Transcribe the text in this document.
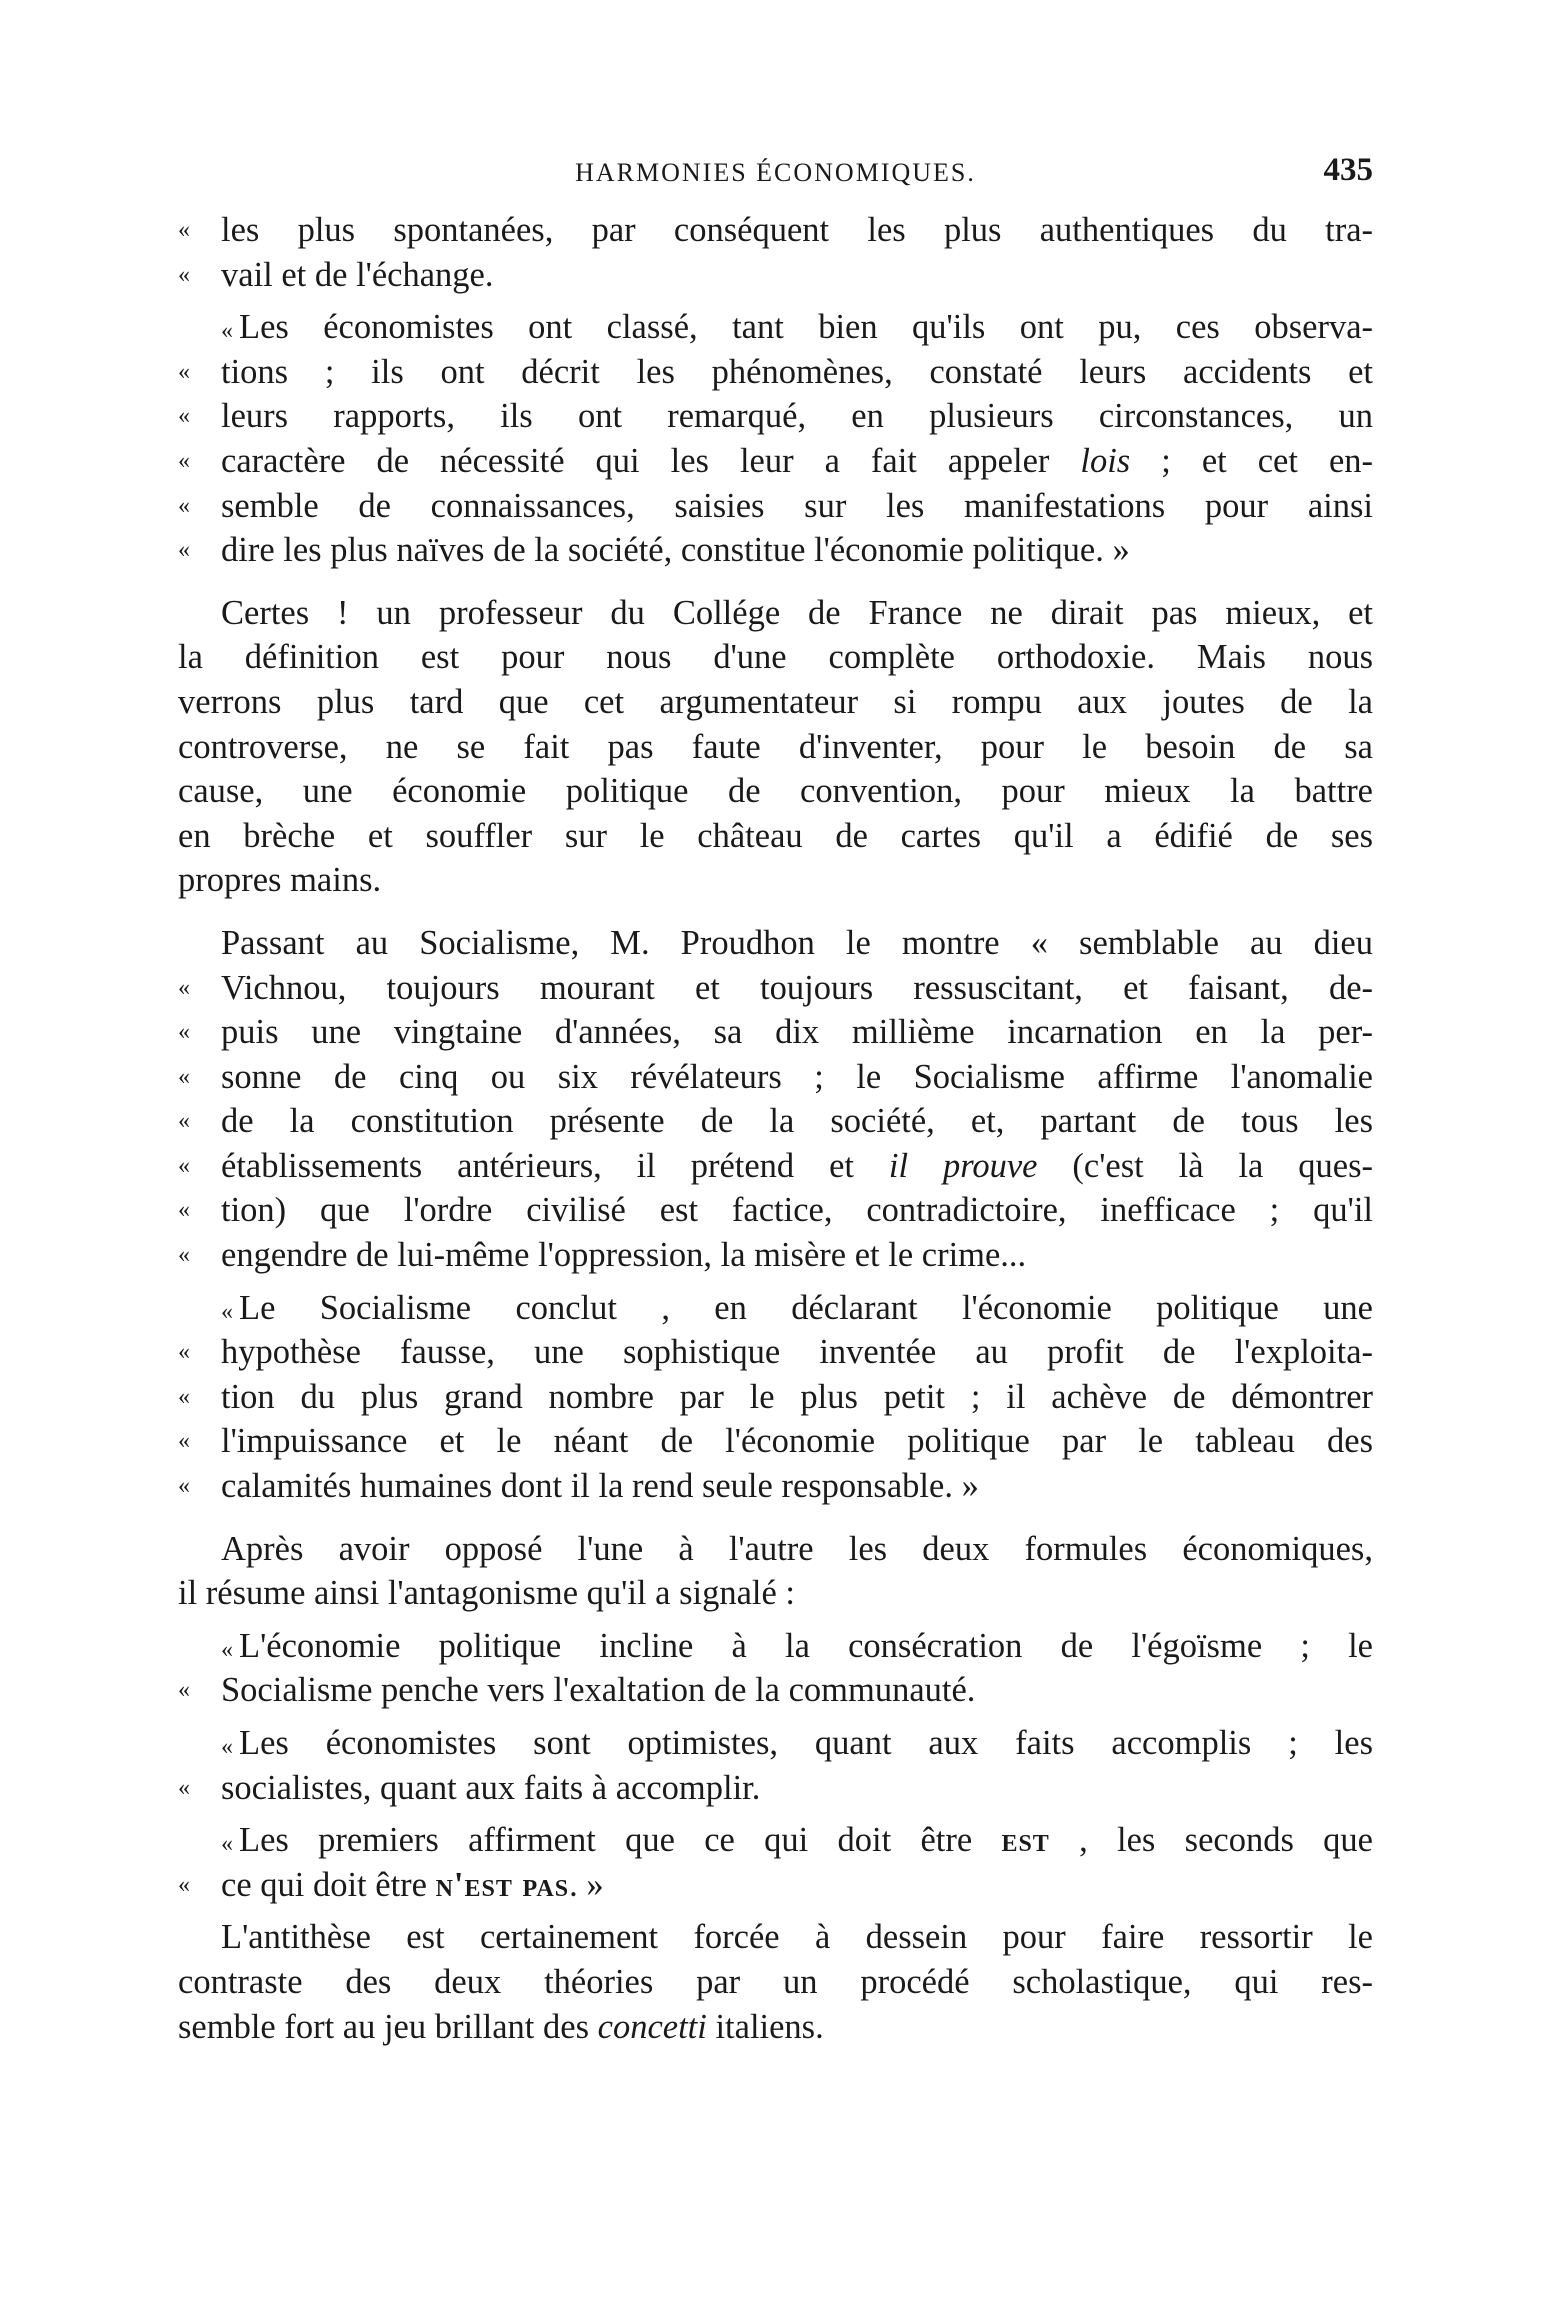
HARMONIES ÉCONOMIQUES.	435
« les plus spontanées, par conséquent les plus authentiques du tra-
« vail et de l'échange.
« Les économistes ont classé, tant bien qu'ils ont pu, ces observa-
« tions ; ils ont décrit les phénomènes, constaté leurs accidents et
« leurs rapports, ils ont remarqué, en plusieurs circonstances, un
« caractère de nécessité qui les leur a fait appeler lois ; et cet en-
« semble de connaissances, saisies sur les manifestations pour ainsi
« dire les plus naïves de la société, constitue l'économie politique. »
Certes ! un professeur du Collége de France ne dirait pas mieux, et
la définition est pour nous d'une complète orthodoxie. Mais nous
verrons plus tard que cet argumentateur si rompu aux joutes de la
controverse, ne se fait pas faute d'inventer, pour le besoin de sa
cause, une économie politique de convention, pour mieux la battre
en brèche et souffler sur le château de cartes qu'il a édifié de ses
propres mains.
Passant au Socialisme, M. Proudhon le montre « semblable au dieu
« Vichnou, toujours mourant et toujours ressuscitant, et faisant, de-
« puis une vingtaine d'années, sa dix millième incarnation en la per-
« sonne de cinq ou six révélateurs ; le Socialisme affirme l'anomalie
« de la constitution présente de la société, et, partant de tous les
« établissements antérieurs, il prétend et il prouve (c'est là la ques-
« tion) que l'ordre civilisé est factice, contradictoire, inefficace ; qu'il
« engendre de lui-même l'oppression, la misère et le crime...
« Le Socialisme conclut , en déclarant l'économie politique une
« hypothèse fausse, une sophistique inventée au profit de l'exploita-
« tion du plus grand nombre par le plus petit ; il achève de démontrer
« l'impuissance et le néant de l'économie politique par le tableau des
« calamités humaines dont il la rend seule responsable. »
Après avoir opposé l'une à l'autre les deux formules économiques,
il résume ainsi l'antagonisme qu'il a signalé :
« L'économie politique incline à la consécration de l'égoïsme ; le
« Socialisme penche vers l'exaltation de la communauté.
« Les économistes sont optimistes, quant aux faits accomplis ; les
« socialistes, quant aux faits à accomplir.
« Les premiers affirment que ce qui doit être est , les seconds que
« ce qui doit être n'est pas. »
L'antithèse est certainement forcée à dessein pour faire ressortir le
contraste des deux théories par un procédé scholastique, qui res-
semble fort au jeu brillant des concetti italiens.
